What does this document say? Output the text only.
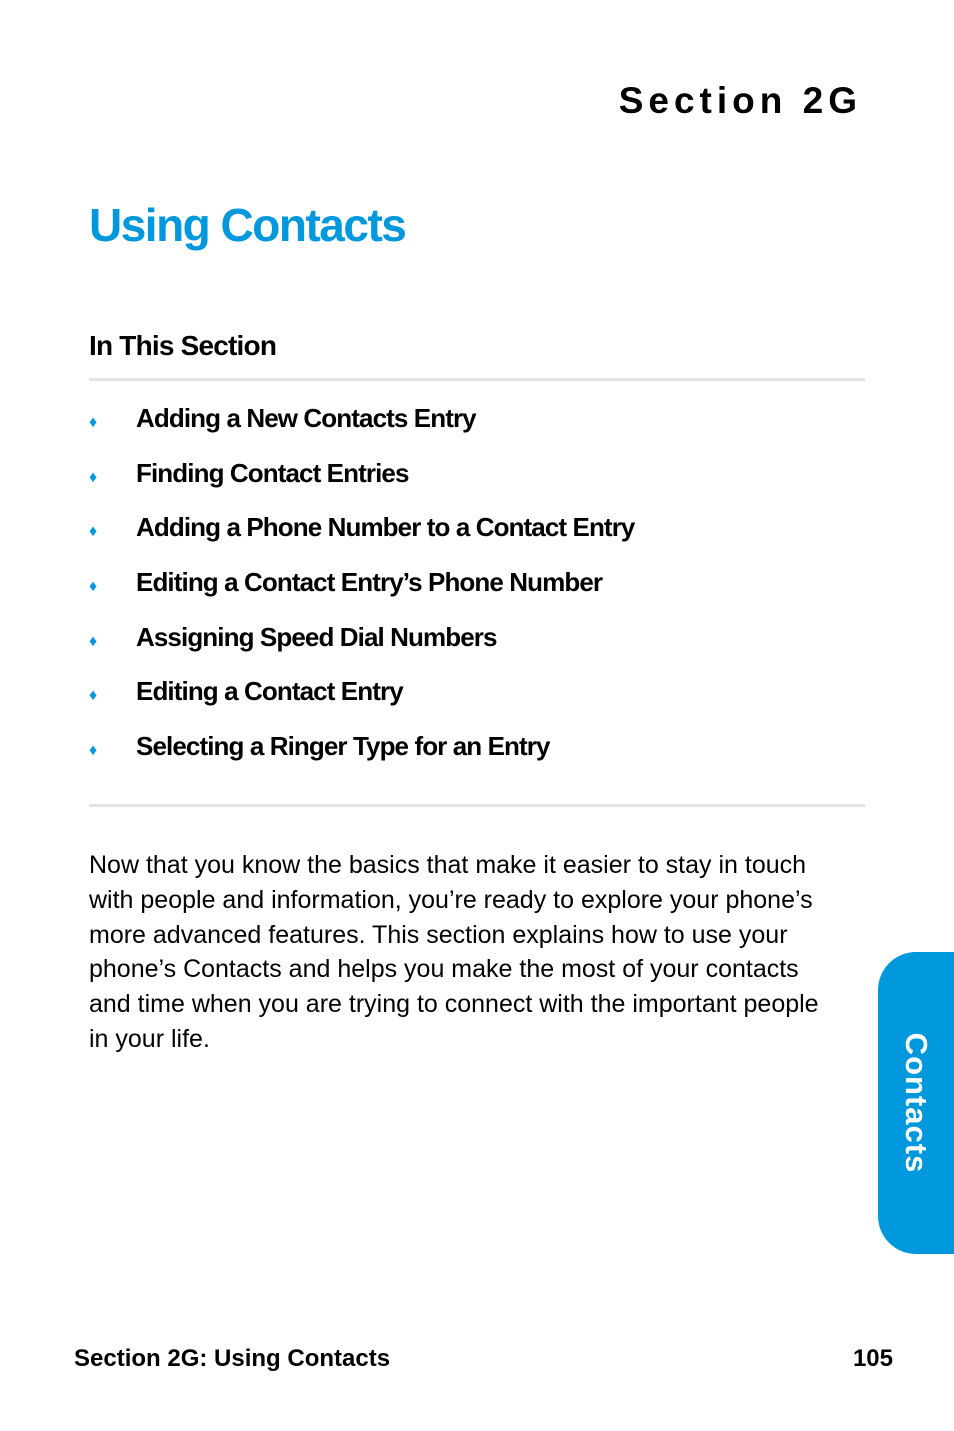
Section 2G
Using Contacts
In This Section
♦	Adding a New Contacts Entry
♦	Finding Contact Entries
♦	Adding a Phone Number to a Contact Entry
♦	Editing a Contact Entry’s Phone Number
♦	Assigning Speed Dial Numbers
♦	Editing a Contact Entry
♦	Selecting a Ringer Type for an Entry

Now that you know the basics that make it easier to stay in touch with people and information, you’re ready to explore your phone’s more advanced features. This section explains how to use your phone’s Contacts and helps you make the most of your contacts and time when you are trying to connect with the important people in your life.	Contacts
Section 2G: Using Contacts	105
